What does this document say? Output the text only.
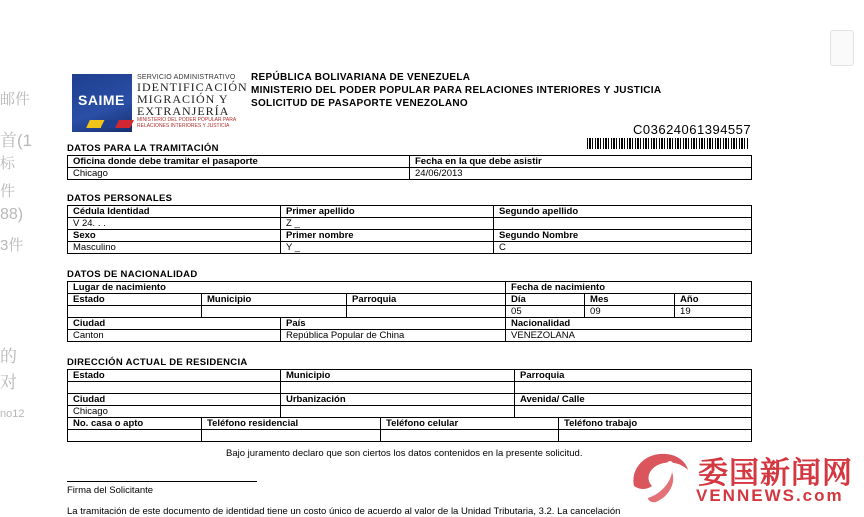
邮件
首(1
标
件
88)
3件
的
对
no12
SAIME
SERVICIO ADMINISTRATIVO
IDENTIFICACIÓN
MIGRACIÓN Y
EXTRANJERÍA
MINISTERIO DEL PODER POPULAR PARA
RELACIONES INTERIORES Y JUSTICIA
REPÚBLICA BOLIVARIANA DE VENEZUELA
MINISTERIO DEL PODER POPULAR PARA RELACIONES INTERIORES Y JUSTICIA
SOLICITUD DE PASAPORTE VENEZOLANO
C03624061394557
DATOS PARA LA TRAMITACIÓN
Oficina donde debe tramitar el pasaporte	Fecha en la que debe asistir
Chicago	24/06/2013
DATOS PERSONALES
Cédula Identidad	Primer apellido	Segundo apellido
V 24. . .	Z _	
Sexo	Primer nombre	Segundo Nombre
Masculino	Y _	C
DATOS DE NACIONALIDAD
Lugar de nacimiento				Fecha de nacimiento		
Estado	Municipio		Parroquia	Día	Mes	Año
				05	09	19
Ciudad		País		Nacionalidad		
Canton		República Popular de China		VENEZOLANA		
DIRECCIÓN ACTUAL DE RESIDENCIA
Estado		Municipio		Parroquia	

Ciudad		Urbanización		Avenida/ Calle	
Chicago					
No. casa o apto	Teléfono residencial		Teléfono celular		Teléfono trabajo

Bajo juramento declaro que son ciertos los datos contenidos en la presente solicitud.
Firma del Solicitante
La tramitación de este documento de identidad tiene un costo único de acuerdo al valor de la Unidad Tributaria, 3.2. La cancelación
委国新闻网
VENNEWS.com
